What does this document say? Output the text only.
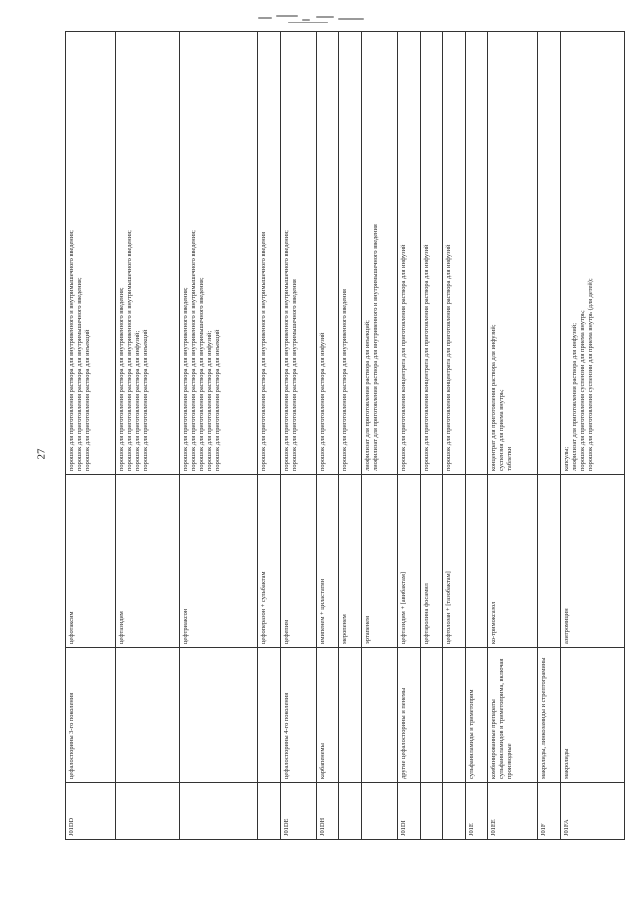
27
J01DD	цефалоспорины 3-го поколения	цефотаксим	порошок для приготовления раствора для внутривенного и внутримышечного введения; порошок для приготовления раствора для внутримышечного введения; порошок для приготовления раствора для инъекций

		цефтазидим	порошок для приготовления раствора для внутривенного введения; порошок для приготовления раствора для внутривенного и внутримышечного введения; порошок для приготовления раствора для инфузий; порошок для приготовления раствора для инъекций

		цефтриаксон	порошок для приготовления раствора для внутривенного введения; порошок для приготовления раствора для внутривенного и внутримышечного введения; порошок для приготовления раствора для внутримышечного введения; порошок для приготовления раствора для инфузий; порошок для приготовления раствора для инъекций

		цефоперазон + сульбактам	порошок для приготовления раствора для внутривенного и внутримышечного введения

J01DE	цефалоспорины 4-го поколения	цефепим	порошок для приготовления раствора для внутривенного и внутримышечного введения; порошок для приготовления раствора для внутримышечного введения

J01DH	карбапенемы	имипенем + циластатин	порошок для приготовления раствора для инфузий

		меропенем	порошок для приготовления раствора для внутривенного введения

		эртапенем	лиофилизат для приготовления раствора для инъекций; лиофилизат для приготовления раствора для внутривенного и внутримышечного введения

J01DI	другие цефалоспорины и пенемы	цефтазидим + [авибактам]	порошок для приготовления концентрата для приготовления раствора для инфузий

		цефтаролина фосамил	порошок для приготовления концентрата для приготовления раствора для инфузий

		цефтолозан + [тазобактам]	порошок для приготовления концентрата для приготовления раствора для инфузий

J01E	сульфаниламиды и триметоприм		
J01EE	комбинированные препараты сульфаниламидов и триметоприма, включая производные	ко-тримоксазол	концентрат для приготовления раствора для инфузий; суспензия для приема внутрь; таблетки

J01F	макролиды, линкозамиды и стрептограмины		
J01FA	макролиды	азитромицин	капсулы; лиофилизат для приготовления раствора для инфузий; порошок для приготовления суспензии для приема внутрь; порошок для приготовления суспензии для приема внутрь (для детей);
